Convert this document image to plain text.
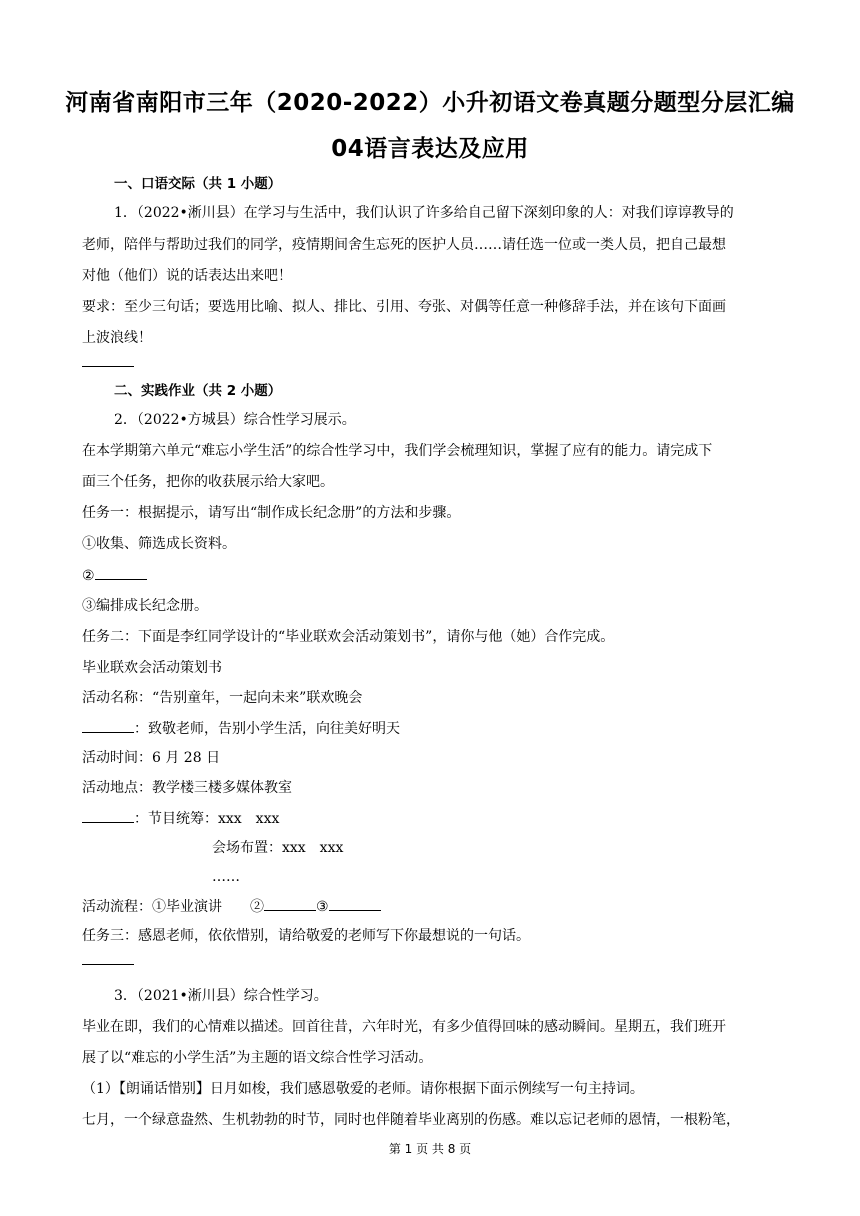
河南省南阳市三年（2020-2022）小升初语文卷真题分题型分层汇编
04语言表达及应用
一、口语交际（共 1 小题）
1．（2022•淅川县）在学习与生活中，我们认识了许多给自己留下深刻印象的人：对我们谆谆教导的
老师，陪伴与帮助过我们的同学，疫情期间舍生忘死的医护人员……请任选一位或一类人员，把自己最想
对他（他们）说的话表达出来吧！
要求：至少三句话；要选用比喻、拟人、排比、引用、夸张、对偶等任意一种修辞手法，并在该句下面画
上波浪线！
二、实践作业（共 2 小题）
2．（2022•方城县）综合性学习展示。
在本学期第六单元“难忘小学生活”的综合性学习中，我们学会梳理知识，掌握了应有的能力。请完成下
面三个任务，把你的收获展示给大家吧。
任务一：根据提示，请写出“制作成长纪念册”的方法和步骤。
①收集、筛选成长资料。
②
③编排成长纪念册。
任务二：下面是李红同学设计的“毕业联欢会活动策划书”，请你与他（她）合作完成。
毕业联欢会活动策划书
活动名称：“告别童年，一起向未来”联欢晚会
：致敬老师，告别小学生活，向往美好明天
活动时间：6 月 28 日
活动地点：教学楼三楼多媒体教室
：节目统筹：xxx　xxx
会场布置：xxx　xxx
……
活动流程：①毕业演讲　　②	③
任务三：感恩老师，依依惜别，请给敬爱的老师写下你最想说的一句话。
3．（2021•淅川县）综合性学习。
毕业在即，我们的心情难以描述。回首往昔，六年时光，有多少值得回味的感动瞬间。星期五，我们班开
展了以“难忘的小学生活”为主题的语文综合性学习活动。
（1）【朗诵话惜别】日月如梭，我们感恩敬爱的老师。请你根据下面示例续写一句主持词。
七月，一个绿意盎然、生机勃勃的时节，同时也伴随着毕业离别的伤感。难以忘记老师的恩情，一根粉笔，
第 1 页 共 8 页
